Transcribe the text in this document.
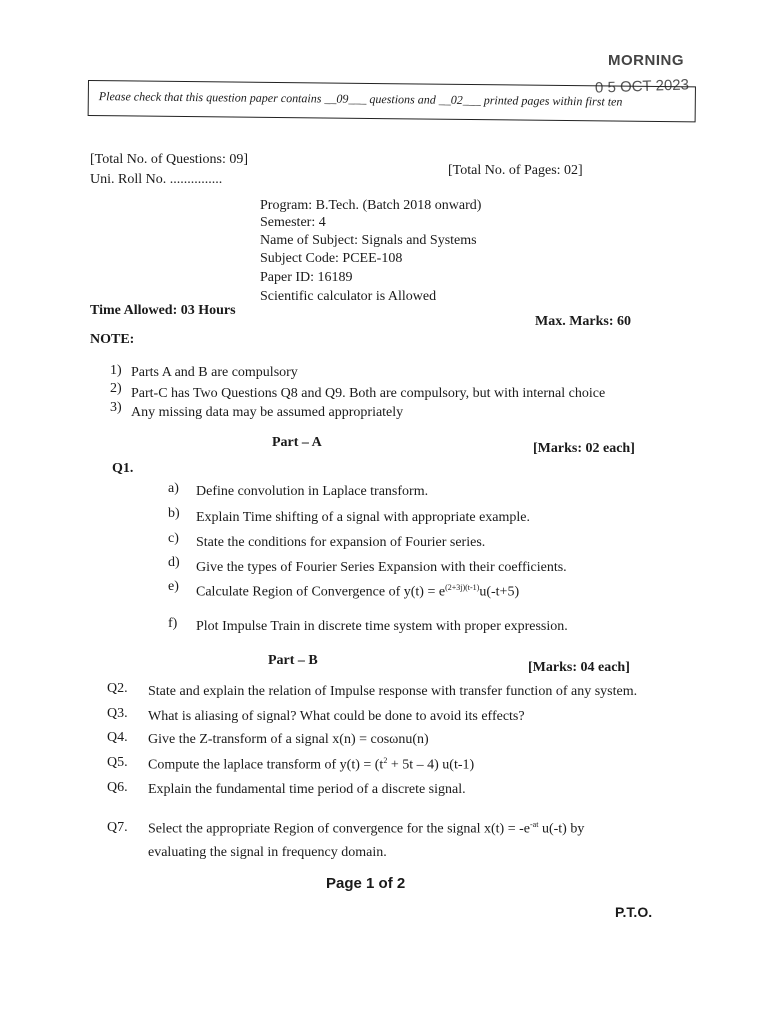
MORNING
0 5 OCT 2023
Please check that this question paper contains __09___ questions and __02___ printed pages within first ten
[Total No. of Questions: 09]
Uni. Roll No. ...............
[Total No. of Pages: 02]
Program: B.Tech. (Batch 2018 onward)
Semester: 4
Name of Subject: Signals and Systems
Subject Code: PCEE-108
Paper ID: 16189
Scientific calculator is Allowed
Time Allowed: 03 Hours
Max. Marks: 60
NOTE:
1) Parts A and B are compulsory
2) Part-C has Two Questions Q8 and Q9. Both are compulsory, but with internal choice
3) Any missing data may be assumed appropriately
Part – A	[Marks: 02 each]
Q1.
a) Define convolution in Laplace transform.
b) Explain Time shifting of a signal with appropriate example.
c) State the conditions for expansion of Fourier series.
d) Give the types of Fourier Series Expansion with their coefficients.
e) Calculate Region of Convergence of $y(t) = e^{(2+3j)(t-1)}u(-t+5)$
f) Plot Impulse Train in discrete time system with proper expression.
Part – B	[Marks: 04 each]
Q2. State and explain the relation of Impulse response with transfer function of any system.
Q3. What is aliasing of signal? What could be done to avoid its effects?
Q4. Give the Z-transform of a signal x(n) = cosωnu(n)
Q5. Compute the laplace transform of $y(t) = (t^2 + 5t - 4)$ u(t-1)
Q6. Explain the fundamental time period of a discrete signal.
Q7. Select the appropriate Region of convergence for the signal $x(t) = -e^{-at}$ u(-t) by
evaluating the signal in frequency domain.
Page 1 of 2
P.T.O.
